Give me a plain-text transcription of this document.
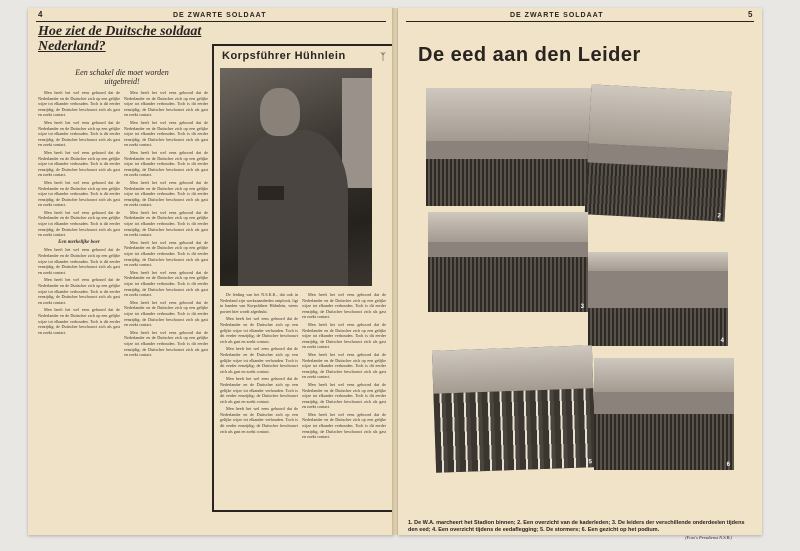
4	DE ZWARTE SOLDAAT
Hoe ziet de Duitsche soldaat Nederland?
Een schakel die moet worden uitgebreid!

Men heeft het wel eens gehoord dat de Nederlander en de Duitscher zich op een gelijke wijze tot elkander verhouden. Toch is dit eerder eenzijdig; de Duitscher beschouwt zich als gast en zoekt contact.

Men heeft het wel eens gehoord dat de Nederlander en de Duitscher zich op een gelijke wijze tot elkander verhouden. Toch is dit eerder eenzijdig; de Duitscher beschouwt zich als gast en zoekt contact.

Men heeft het wel eens gehoord dat de Nederlander en de Duitscher zich op een gelijke wijze tot elkander verhouden. Toch is dit eerder eenzijdig; de Duitscher beschouwt zich als gast en zoekt contact.

Men heeft het wel eens gehoord dat de Nederlander en de Duitscher zich op een gelijke wijze tot elkander verhouden. Toch is dit eerder eenzijdig; de Duitscher beschouwt zich als gast en zoekt contact.

Men heeft het wel eens gehoord dat de Nederlander en de Duitscher zich op een gelijke wijze tot elkander verhouden. Toch is dit eerder eenzijdig; de Duitscher beschouwt zich als gast en zoekt contact.

Een merkelijke boer

Men heeft het wel eens gehoord dat de Nederlander en de Duitscher zich op een gelijke wijze tot elkander verhouden. Toch is dit eerder eenzijdig; de Duitscher beschouwt zich als gast en zoekt contact.

Men heeft het wel eens gehoord dat de Nederlander en de Duitscher zich op een gelijke wijze tot elkander verhouden. Toch is dit eerder eenzijdig; de Duitscher beschouwt zich als gast en zoekt contact.

Men heeft het wel eens gehoord dat de Nederlander en de Duitscher zich op een gelijke wijze tot elkander verhouden. Toch is dit eerder eenzijdig; de Duitscher beschouwt zich als gast en zoekt contact.

Men heeft het wel eens gehoord dat de Nederlander en de Duitscher zich op een gelijke wijze tot elkander verhouden. Toch is dit eerder eenzijdig; de Duitscher beschouwt zich als gast en zoekt contact.

Men heeft het wel eens gehoord dat de Nederlander en de Duitscher zich op een gelijke wijze tot elkander verhouden. Toch is dit eerder eenzijdig; de Duitscher beschouwt zich als gast en zoekt contact.

Men heeft het wel eens gehoord dat de Nederlander en de Duitscher zich op een gelijke wijze tot elkander verhouden. Toch is dit eerder eenzijdig; de Duitscher beschouwt zich als gast en zoekt contact.

Men heeft het wel eens gehoord dat de Nederlander en de Duitscher zich op een gelijke wijze tot elkander verhouden. Toch is dit eerder eenzijdig; de Duitscher beschouwt zich als gast en zoekt contact.

Men heeft het wel eens gehoord dat de Nederlander en de Duitscher zich op een gelijke wijze tot elkander verhouden. Toch is dit eerder eenzijdig; de Duitscher beschouwt zich als gast en zoekt contact.

Men heeft het wel eens gehoord dat de Nederlander en de Duitscher zich op een gelijke wijze tot elkander verhouden. Toch is dit eerder eenzijdig; de Duitscher beschouwt zich als gast en zoekt contact.

Men heeft het wel eens gehoord dat de Nederlander en de Duitscher zich op een gelijke wijze tot elkander verhouden. Toch is dit eerder eenzijdig; de Duitscher beschouwt zich als gast en zoekt contact.

Men heeft het wel eens gehoord dat de Nederlander en de Duitscher zich op een gelijke wijze tot elkander verhouden. Toch is dit eerder eenzijdig; de Duitscher beschouwt zich als gast en zoekt contact.

Men heeft het wel eens gehoord dat de Nederlander en de Duitscher zich op een gelijke wijze tot elkander verhouden. Toch is dit eerder eenzijdig; de Duitscher beschouwt zich als gast en zoekt contact.

Korpsführer Hühnlein	ᛉ

De leiding van het N.S.K.K., dat ook in Nederland zijn werkzaamheden ontplooit, ligt in handen van Korpsführer Hühnlein, wiens portret hier wordt afgedrukt.

Men heeft het wel eens gehoord dat de Nederlander en de Duitscher zich op een gelijke wijze tot elkander verhouden. Toch is dit eerder eenzijdig; de Duitscher beschouwt zich als gast en zoekt contact.

Men heeft het wel eens gehoord dat de Nederlander en de Duitscher zich op een gelijke wijze tot elkander verhouden. Toch is dit eerder eenzijdig; de Duitscher beschouwt zich als gast en zoekt contact.

Men heeft het wel eens gehoord dat de Nederlander en de Duitscher zich op een gelijke wijze tot elkander verhouden. Toch is dit eerder eenzijdig; de Duitscher beschouwt zich als gast en zoekt contact.

Men heeft het wel eens gehoord dat de Nederlander en de Duitscher zich op een gelijke wijze tot elkander verhouden. Toch is dit eerder eenzijdig; de Duitscher beschouwt zich als gast en zoekt contact.

Men heeft het wel eens gehoord dat de Nederlander en de Duitscher zich op een gelijke wijze tot elkander verhouden. Toch is dit eerder eenzijdig; de Duitscher beschouwt zich als gast en zoekt contact.

Men heeft het wel eens gehoord dat de Nederlander en de Duitscher zich op een gelijke wijze tot elkander verhouden. Toch is dit eerder eenzijdig; de Duitscher beschouwt zich als gast en zoekt contact.

Men heeft het wel eens gehoord dat de Nederlander en de Duitscher zich op een gelijke wijze tot elkander verhouden. Toch is dit eerder eenzijdig; de Duitscher beschouwt zich als gast en zoekt contact.

Men heeft het wel eens gehoord dat de Nederlander en de Duitscher zich op een gelijke wijze tot elkander verhouden. Toch is dit eerder eenzijdig; de Duitscher beschouwt zich als gast en zoekt contact.

Men heeft het wel eens gehoord dat de Nederlander en de Duitscher zich op een gelijke wijze tot elkander verhouden. Toch is dit eerder eenzijdig; de Duitscher beschouwt zich als gast en zoekt contact.

DE ZWARTE SOLDAAT	5
De eed aan den Leider
2
3
4
5	6
1. De W.A. marcheert het Stadion binnen; 2. Een overzicht van de kaderleden; 3. De leiders der verschillende onderdeelen tijdens den eed; 4. Een overzicht tijdens de eedaflegging; 5. De stormers; 6. Een gezicht op het podium.
(Foto's Persdienst N.S.B.)
